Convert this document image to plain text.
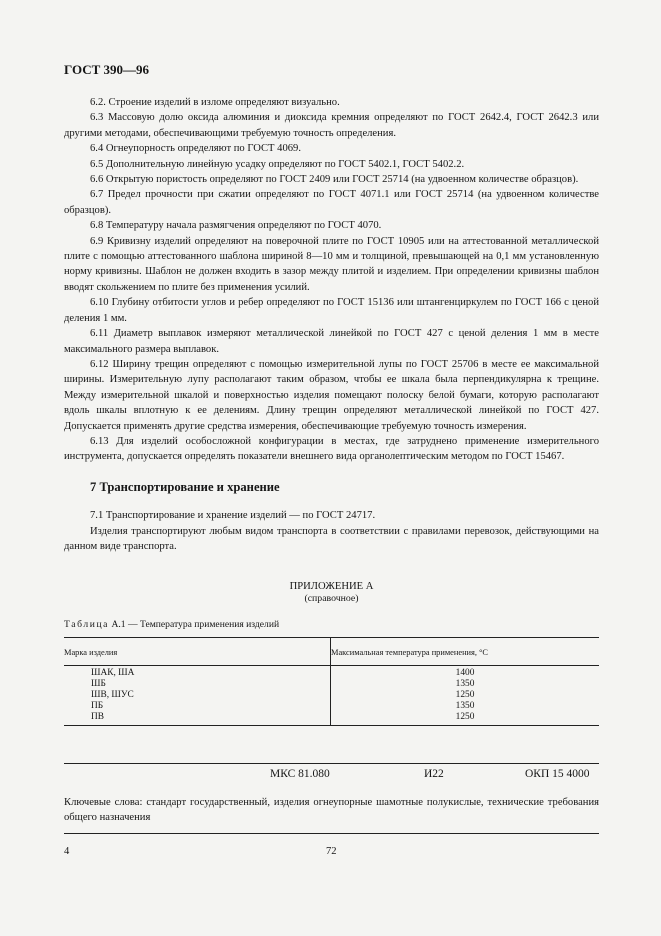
ГОСТ 390—96

6.2. Строение изделий в изломе определяют визуально.

6.3 Массовую долю оксида алюминия и диоксида кремния определяют по ГОСТ 2642.4, ГОСТ 2642.3 или другими методами, обеспечивающими требуемую точность определения.

6.4 Огнеупорность определяют по ГОСТ 4069.

6.5 Дополнительную линейную усадку определяют по ГОСТ 5402.1, ГОСТ 5402.2.

6.6 Открытую пористость определяют по ГОСТ 2409 или ГОСТ 25714 (на удвоенном количестве образцов).

6.7 Предел прочности при сжатии определяют по ГОСТ 4071.1 или ГОСТ 25714 (на удвоенном количестве образцов).

6.8 Температуру начала размягчения определяют по ГОСТ 4070.

6.9 Кривизну изделий определяют на поверочной плите по ГОСТ 10905 или на аттестованной металлической плите с помощью аттестованного шаблона шириной 8—10 мм и толщиной, превышающей на 0,1 мм установленную норму кривизны. Шаблон не должен входить в зазор между плитой и изделием. При определении кривизны шаблон вводят скольжением по плите без применения усилий.

6.10 Глубину отбитости углов и ребер определяют по ГОСТ 15136 или штангенциркулем по ГОСТ 166 с ценой деления 1 мм.

6.11 Диаметр выплавок измеряют металлической линейкой по ГОСТ 427 с ценой деления 1 мм в месте максимального размера выплавок.

6.12 Ширину трещин определяют с помощью измерительной лупы по ГОСТ 25706 в месте ее максимальной ширины. Измерительную лупу располагают таким образом, чтобы ее шкала была перпендикулярна к трещине. Между измерительной шкалой и поверхностью изделия помещают полоску белой бумаги, которую располагают вдоль шкалы вплотную к ее делениям. Длину трещин определяют металлической линейкой по ГОСТ 427. Допускается применять другие средства измерения, обеспечивающие требуемую точность измерения.

6.13 Для изделий особосложной конфигурации в местах, где затруднено применение измерительного инструмента, допускается определять показатели внешнего вида органолептическим методом по ГОСТ 15467.

7 Транспортирование и хранение

7.1 Транспортирование и хранение изделий — по ГОСТ 24717.

Изделия транспортируют любым видом транспорта в соответствии с правилами перевозок, действующими на данном виде транспорта.

ПРИЛОЖЕНИЕ А
(справочное)
Таблица А.1 — Температура применения изделий
Марка изделия	Максимальная температура применения, °С
ШАК, ША	1400
ШБ	1350
ШВ, ШУС	1250
ПБ	1350
ПВ	1250
МКС 81.080	И22	ОКП 15 4000
Ключевые слова: стандарт государственный, изделия огнеупорные шамотные полукислые, технические требования общего назначения
4	72
